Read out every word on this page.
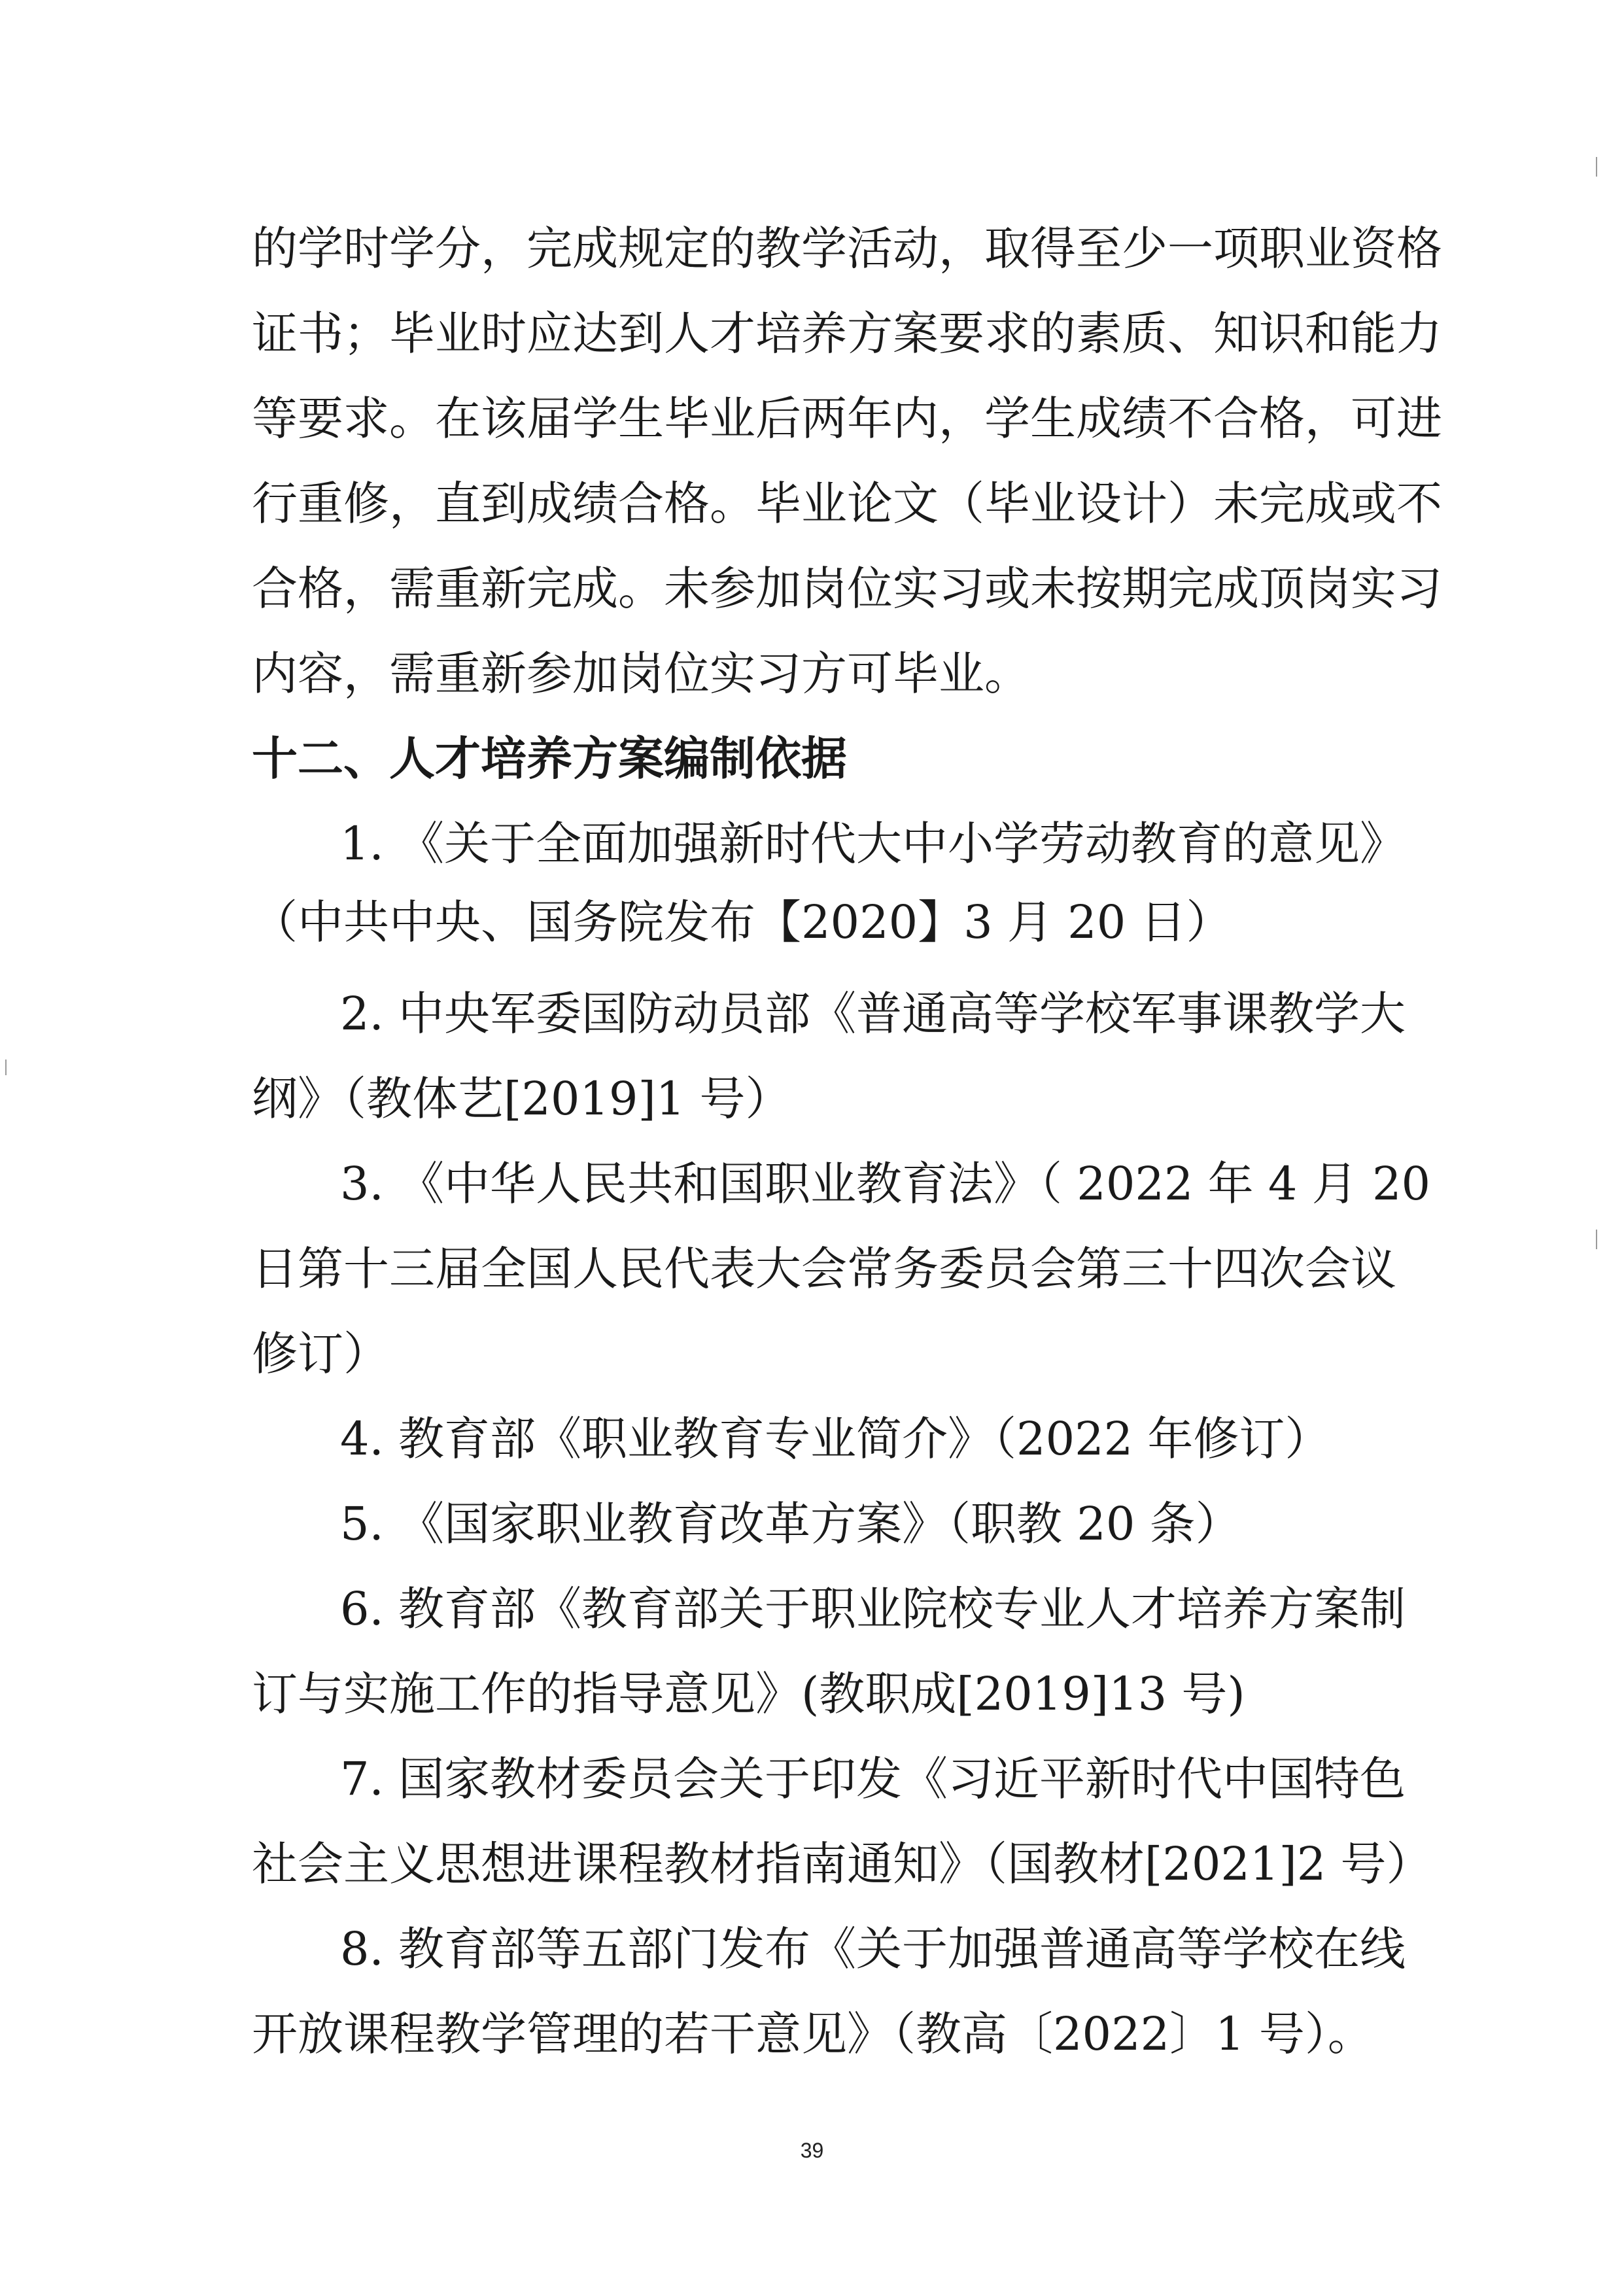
的学时学分，完成规定的教学活动，取得至少一项职业资格
证书；毕业时应达到人才培养方案要求的素质、知识和能力
等要求。在该届学生毕业后两年内，学生成绩不合格，可进
行重修，直到成绩合格。毕业论文（毕业设计）未完成或不
合格，需重新完成。未参加岗位实习或未按期完成顶岗实习
内容，需重新参加岗位实习方可毕业。
十二、人才培养方案编制依据
1. 《关于全面加强新时代大中小学劳动教育的意见》
（中共中央、国务院发布【2020】3 月 20 日）
2. 中央军委国防动员部《普通高等学校军事课教学大
纲》（教体艺[2019]1 号）
3. 《中华人民共和国职业教育法》（ 2022 年 4 月 20
日第十三届全国人民代表大会常务委员会第三十四次会议
修订）
4. 教育部《职业教育专业简介》（2022 年修订）
5. 《国家职业教育改革方案》（职教 20 条）
6. 教育部《教育部关于职业院校专业人才培养方案制
订与实施工作的指导意见》(教职成[2019]13 号)
7. 国家教材委员会关于印发《习近平新时代中国特色
社会主义思想进课程教材指南通知》（国教材[2021]2 号）
8. 教育部等五部门发布《关于加强普通高等学校在线
开放课程教学管理的若干意见》（教高〔2022〕1 号）。
39
